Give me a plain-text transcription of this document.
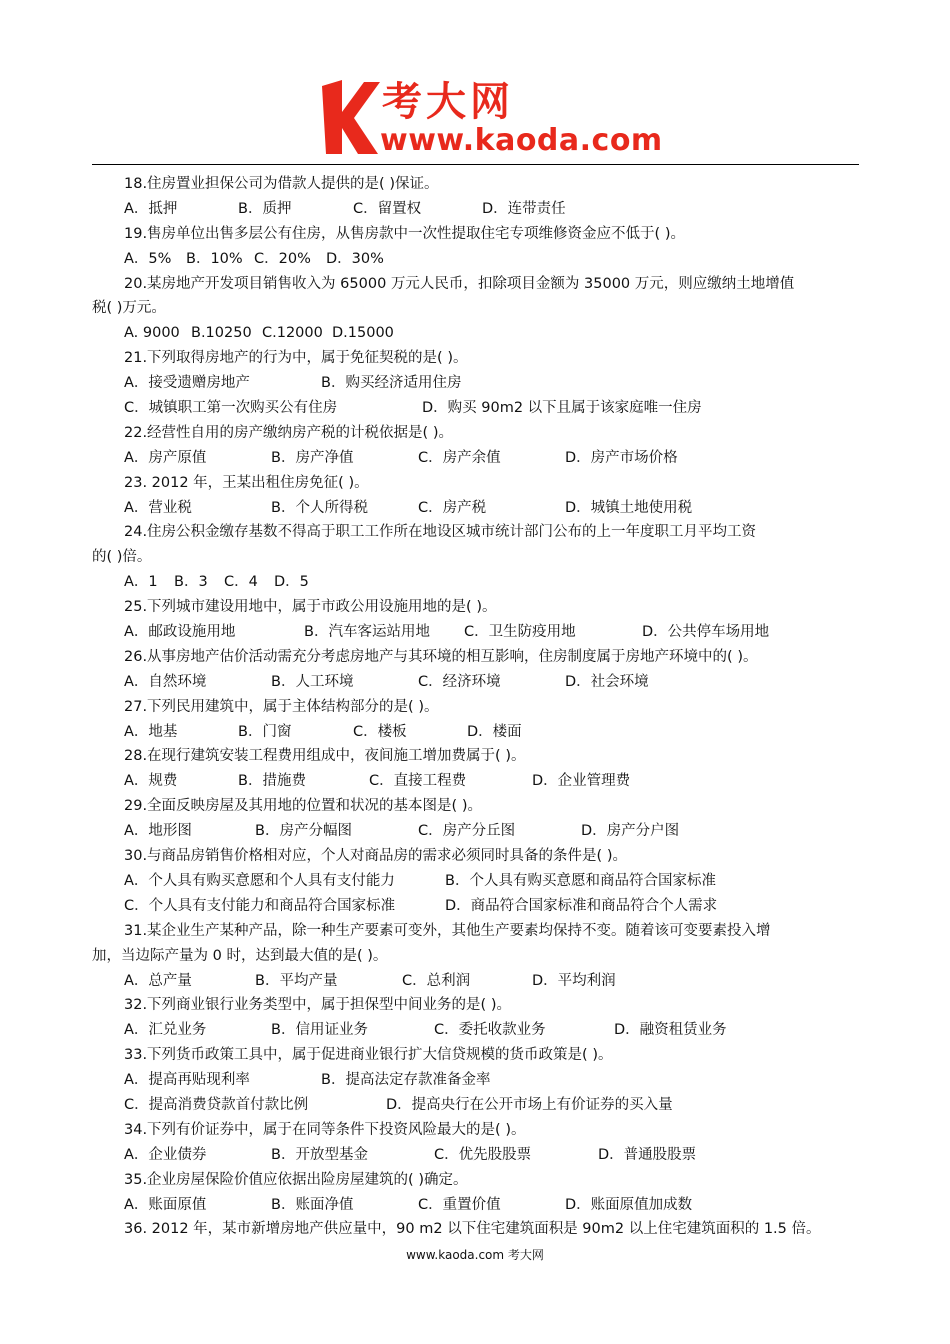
考大网
www.kaoda.com
18.住房置业担保公司为借款人提供的是( )保证。
A．抵押	B．质押	C．留置权	D．连带责任
19.售房单位出售多层公有住房，从售房款中一次性提取住宅专项维修资金应不低于( )。
A．5% B．10% C．20% D．30%
20.某房地产开发项目销售收入为 65000 万元人民币，扣除项目金额为 35000 万元，则应缴纳土地增值
税( )万元。
A. 9000 B.10250 C.12000 D.15000
21.下列取得房地产的行为中，属于免征契税的是( )。
A．接受遗赠房地产	B．购买经济适用住房
C．城镇职工第一次购买公有住房	D．购买 90m2 以下且属于该家庭唯一住房
22.经营性自用的房产缴纳房产税的计税依据是( )。
A．房产原值	B．房产净值	C．房产余值	D．房产市场价格
23. 2012 年，王某出租住房免征( )。
A．营业税	B．个人所得税	C．房产税	D．城镇土地使用税
24.住房公积金缴存基数不得高于职工工作所在地设区城市统计部门公布的上一年度职工月平均工资
的( )倍。
A．1 B．3 C．4 D．5
25.下列城市建设用地中，属于市政公用设施用地的是( )。
A．邮政设施用地	B．汽车客运站用地 C．卫生防疫用地	D．公共停车场用地
26.从事房地产估价活动需充分考虑房地产与其环境的相互影响，住房制度属于房地产环境中的( )。
A．自然环境	B．人工环境	C．经济环境	D．社会环境
27.下列民用建筑中，属于主体结构部分的是( )。
A．地基	B．门窗	C．楼板	D．楼面
28.在现行建筑安装工程费用组成中，夜间施工增加费属于( )。
A．规费	B．措施费	C．直接工程费	D．企业管理费
29.全面反映房屋及其用地的位置和状况的基本图是( )。
A．地形图	B．房产分幅图	C．房产分丘图	D．房产分户图
30.与商品房销售价格相对应，个人对商品房的需求必须同时具备的条件是( )。
A．个人具有购买意愿和个人具有支付能力	B．个人具有购买意愿和商品符合国家标准
C．个人具有支付能力和商品符合国家标准	D．商品符合国家标准和商品符合个人需求
31.某企业生产某种产品，除一种生产要素可变外，其他生产要素均保持不变。随着该可变要素投入增
加，当边际产量为 0 时，达到最大值的是( )。
A．总产量	B．平均产量	C．总利润	D．平均利润
32.下列商业银行业务类型中，属于担保型中间业务的是( )。
A．汇兑业务	B．信用证业务	C．委托收款业务	D．融资租赁业务
33.下列货币政策工具中，属于促进商业银行扩大信贷规模的货币政策是( )。
A．提高再贴现利率	B．提高法定存款准备金率
C．提高消费贷款首付款比例	D．提高央行在公开市场上有价证券的买入量
34.下列有价证券中，属于在同等条件下投资风险最大的是( )。
A．企业债券	B．开放型基金	C．优先股股票	D．普通股股票
35.企业房屋保险价值应依据出险房屋建筑的( )确定。
A．账面原值	B．账面净值	C．重置价值	D．账面原值加成数
36. 2012 年，某市新增房地产供应量中，90 m2 以下住宅建筑面积是 90m2 以上住宅建筑面积的 1.5 倍。
www.kaoda.com 考大网
